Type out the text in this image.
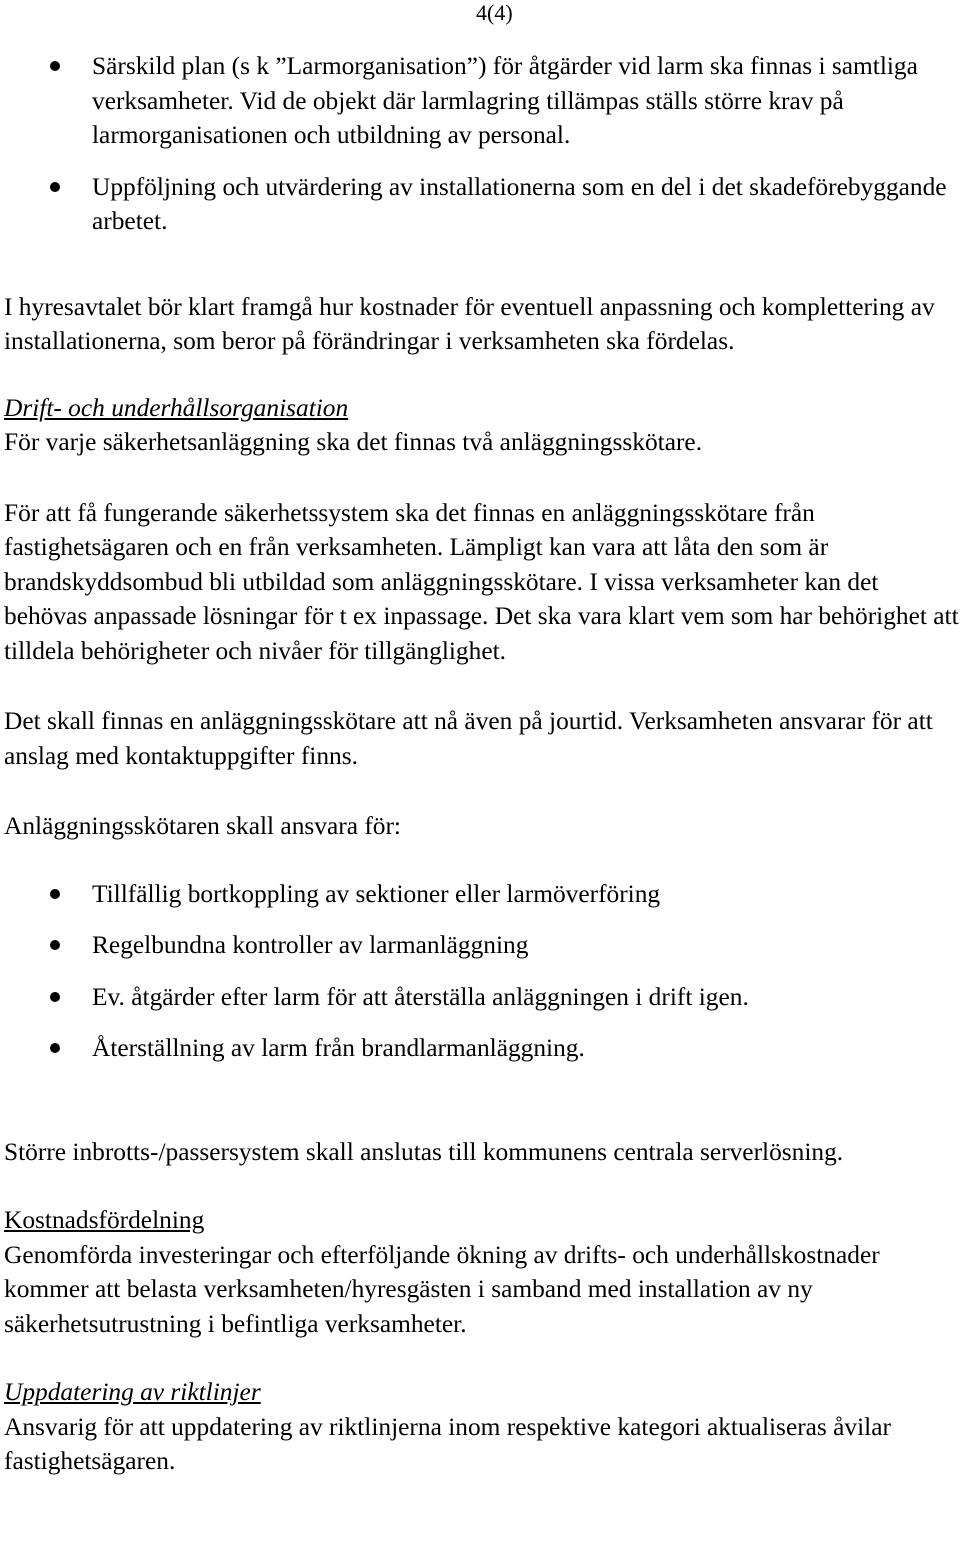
4(4)
Särskild plan (s k ”Larmorganisation”) för åtgärder vid larm ska finnas i samtliga verksamheter. Vid de objekt där larmlagring tillämpas ställs större krav på larmorganisationen och utbildning av personal.
Uppföljning och utvärdering av installationerna som en del i det skadeförebyggande arbetet.

I hyresavtalet bör klart framgå hur kostnader för eventuell anpassning och komplettering av installationerna, som beror på förändringar i verksamheten ska fördelas.

Drift- och underhållsorganisation

För varje säkerhetsanläggning ska det finnas två anläggningsskötare.

För att få fungerande säkerhetssystem ska det finnas en anläggningsskötare från fastighetsägaren och en från verksamheten. Lämpligt kan vara att låta den som är brandskyddsombud bli utbildad som anläggningsskötare. I vissa verksamheter kan det behövas anpassade lösningar för t ex inpassage. Det ska vara klart vem som har behörighet att tilldela behörigheter och nivåer för tillgänglighet.

Det skall finnas en anläggningsskötare att nå även på jourtid. Verksamheten ansvarar för att anslag med kontaktuppgifter finns.

Anläggningsskötaren skall ansvara för:

Tillfällig bortkoppling av sektioner eller larmöverföring
Regelbundna kontroller av larmanläggning
Ev. åtgärder efter larm för att återställa anläggningen i drift igen.
Återställning av larm från brandlarmanläggning.

Större inbrotts-/passersystem skall anslutas till kommunens centrala serverlösning.

Kostnadsfördelning

Genomförda investeringar och efterföljande ökning av drifts- och underhållskostnader kommer att belasta verksamheten/hyresgästen i samband med installation av ny säkerhetsutrustning i befintliga verksamheter.

Uppdatering av riktlinjer

Ansvarig för att uppdatering av riktlinjerna inom respektive kategori aktualiseras åvilar fastighetsägaren.
